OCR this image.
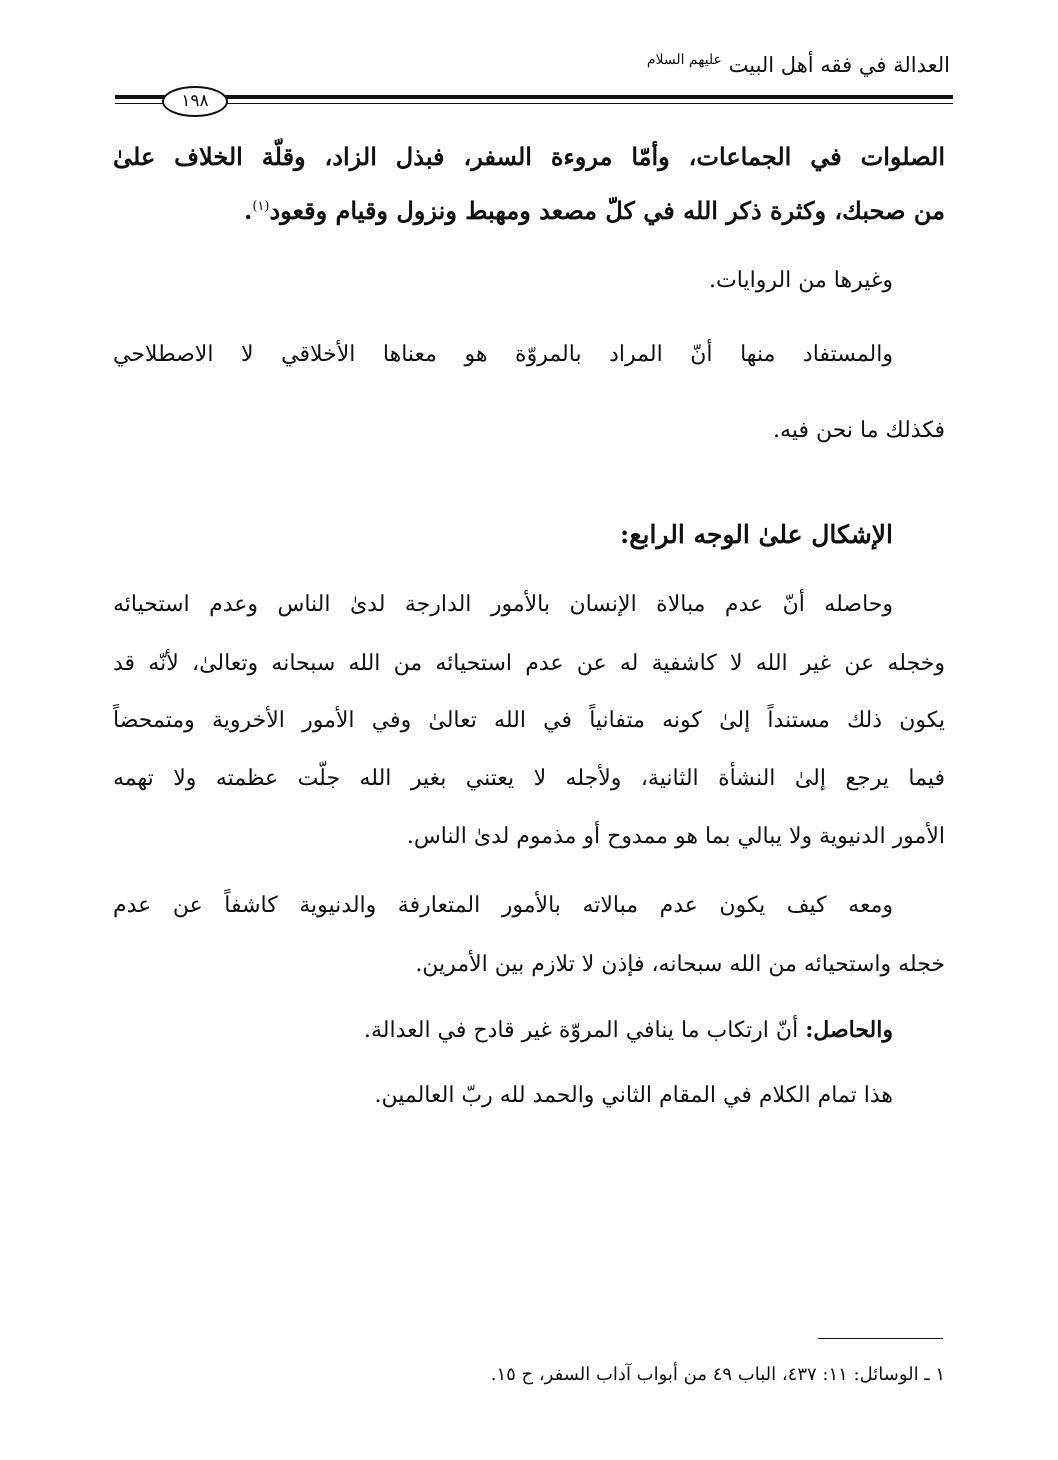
العدالة في فقه أهل البيت $^{عليهم السلام}$
١٩٨
الصلوات في الجماعات، وأمّا مروءة السفر، فبذل الزاد، وقلّة الخلاف علىٰ
من صحبك، وكثرة ذكر الله في كلّ مصعد ومهبط ونزول وقيام وقعود$^{(١)}$.
وغيرها من الروايات.
والمستفاد منها أنّ المراد بالمروّة هو معناها الأخلاقي لا الاصطلاحي
فكذلك ما نحن فيه.
الإشكال علىٰ الوجه الرابع:
وحاصله أنّ عدم مبالاة الإنسان بالأمور الدارجة لدىٰ الناس وعدم استحيائه
وخجله عن غير الله لا كاشفية له عن عدم استحيائه من الله سبحانه وتعالىٰ، لأنّه قد
يكون ذلك مستنداً إلىٰ كونه متفانياً في الله تعالىٰ وفي الأمور الأخروية ومتمحضاً
فيما يرجع إلىٰ النشأة الثانية، ولأجله لا يعتني بغير الله جلّت عظمته ولا تهمه
الأمور الدنيوية ولا يبالي بما هو ممدوح أو مذموم لدىٰ الناس.
ومعه كيف يكون عدم مبالاته بالأمور المتعارفة والدنيوية كاشفاً عن عدم
خجله واستحيائه من الله سبحانه، فإذن لا تلازم بين الأمرين.
والحاصل: أنّ ارتكاب ما ينافي المروّة غير قادح في العدالة.
هذا تمام الكلام في المقام الثاني والحمد لله ربّ العالمين.
١ ـ الوسائل: ١١: ٤٣٧، الباب ٤٩ من أبواب آداب السفر، ح ١٥.
